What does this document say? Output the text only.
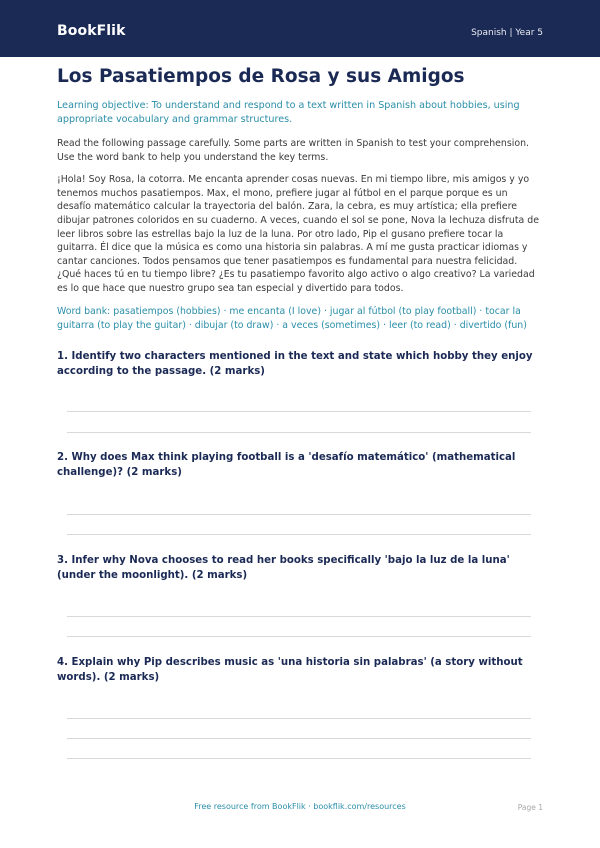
BookFlik	Spanish | Year 5
Los Pasatiempos de Rosa y sus Amigos

Learning objective: To understand and respond to a text written in Spanish about hobbies, using appropriate vocabulary and grammar structures.

Read the following passage carefully. Some parts are written in Spanish to test your comprehension. Use the word bank to help you understand the key terms.

¡Hola! Soy Rosa, la cotorra. Me encanta aprender cosas nuevas. En mi tiempo libre, mis amigos y yo tenemos muchos pasatiempos. Max, el mono, prefiere jugar al fútbol en el parque porque es un desafío matemático calcular la trayectoria del balón. Zara, la cebra, es muy artística; ella prefiere dibujar patrones coloridos en su cuaderno. A veces, cuando el sol se pone, Nova la lechuza disfruta de leer libros sobre las estrellas bajo la luz de la luna. Por otro lado, Pip el gusano prefiere tocar la guitarra. Él dice que la música es como una historia sin palabras. A mí me gusta practicar idiomas y cantar canciones. Todos pensamos que tener pasatiempos es fundamental para nuestra felicidad. ¿Qué haces tú en tu tiempo libre? ¿Es tu pasatiempo favorito algo activo o algo creativo? La variedad es lo que hace que nuestro grupo sea tan especial y divertido para todos.

Word bank: pasatiempos (hobbies) · me encanta (I love) · jugar al fútbol (to play football) · tocar la guitarra (to play the guitar) · dibujar (to draw) · a veces (sometimes) · leer (to read) · divertido (fun)

1. Identify two characters mentioned in the text and state which hobby they enjoy according to the passage. (2 marks)
2. Why does Max think playing football is a 'desafío matemático' (mathematical challenge)? (2 marks)
3. Infer why Nova chooses to read her books specifically 'bajo la luz de la luna' (under the moonlight). (2 marks)
4. Explain why Pip describes music as 'una historia sin palabras' (a story without words). (2 marks)
Free resource from BookFlik · bookflik.com/resources	Page 1
